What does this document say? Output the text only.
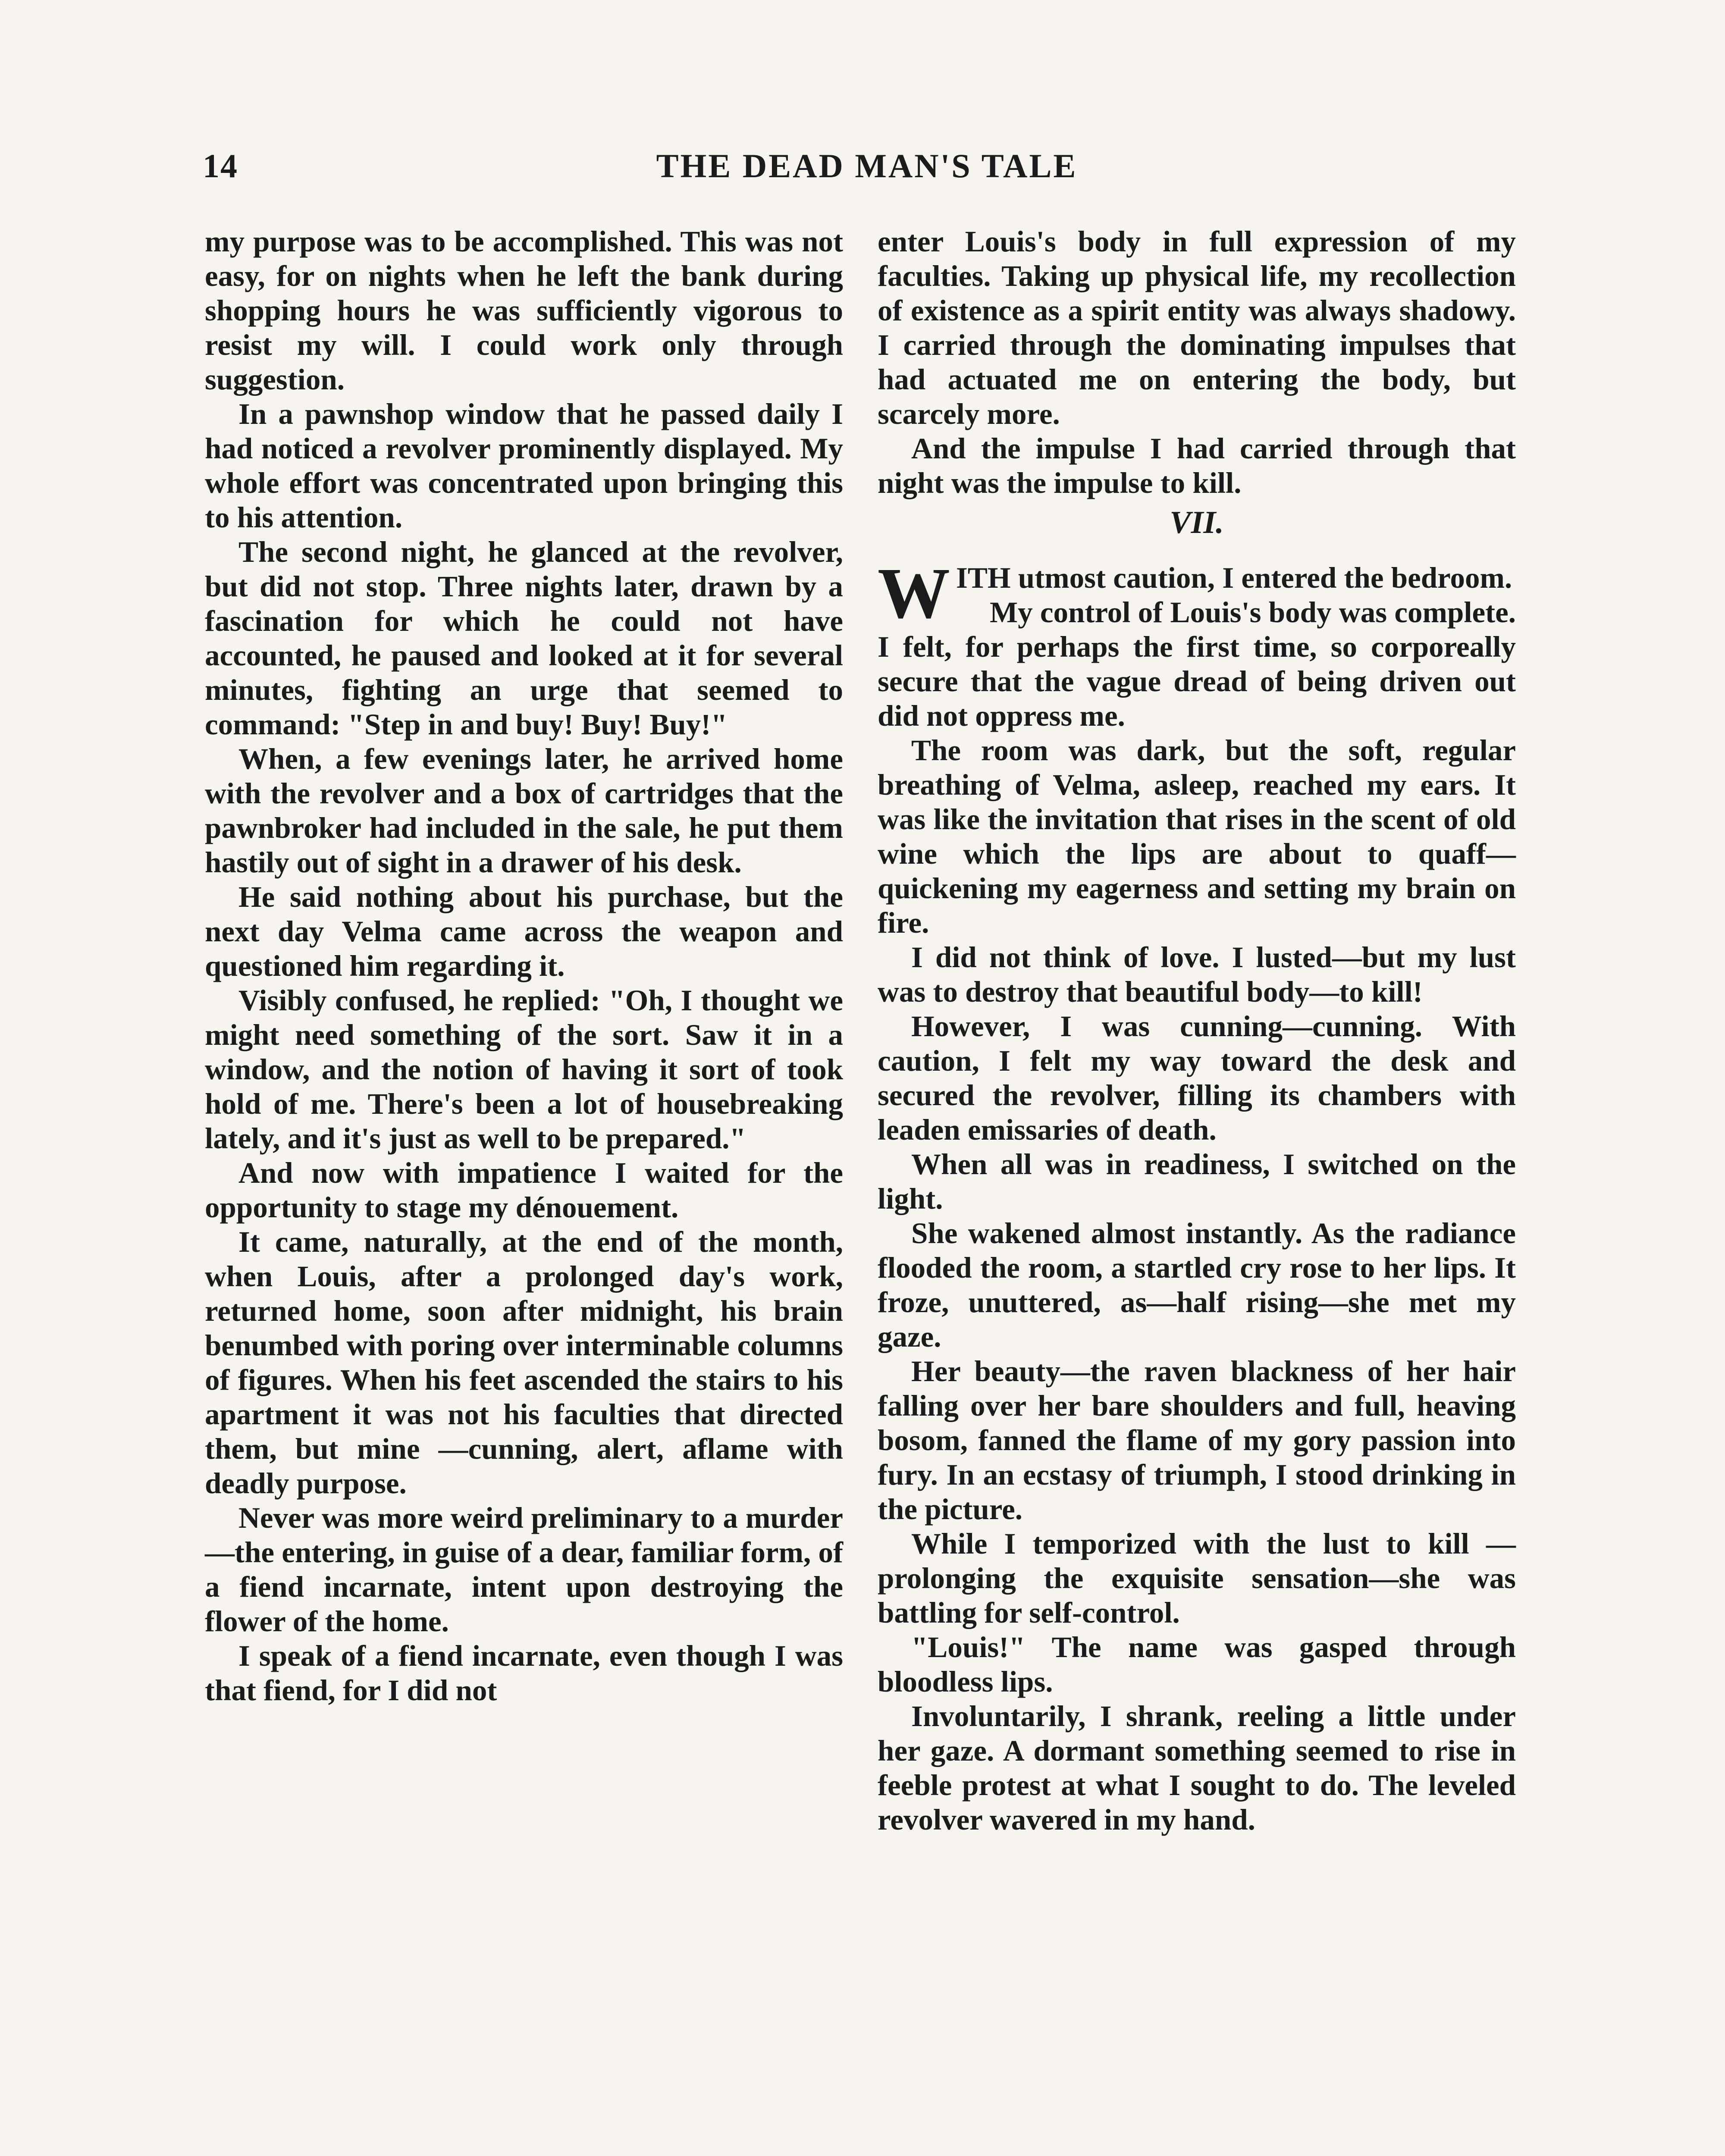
14	THE DEAD MAN'S TALE

my purpose was to be accomplished. This was not easy, for on nights when he left the bank during shopping hours he was sufficiently vigorous to resist my will. I could work only through suggestion.

In a pawnshop window that he passed daily I had noticed a revolver prominently displayed. My whole effort was concentrated upon bringing this to his attention.

The second night, he glanced at the revolver, but did not stop. Three nights later, drawn by a fascination for which he could not have accounted, he paused and looked at it for several minutes, fighting an urge that seemed to command: "Step in and buy! Buy! Buy!"

When, a few evenings later, he arrived home with the revolver and a box of cartridges that the pawnbroker had included in the sale, he put them hastily out of sight in a drawer of his desk.

He said nothing about his purchase, but the next day Velma came across the weapon and questioned him regarding it.

Visibly confused, he replied: "Oh, I thought we might need something of the sort. Saw it in a window, and the notion of having it sort of took hold of me. There's been a lot of housebreaking lately, and it's just as well to be prepared."

And now with impatience I waited for the opportunity to stage my dénouement.

It came, naturally, at the end of the month, when Louis, after a prolonged day's work, returned home, soon after midnight, his brain benumbed with poring over interminable columns of figures. When his feet ascended the stairs to his apartment it was not his faculties that directed them, but mine —cunning, alert, aflame with deadly purpose.

Never was more weird preliminary to a murder—the entering, in guise of a dear, familiar form, of a fiend incarnate, intent upon destroying the flower of the home.

I speak of a fiend incarnate, even though I was that fiend, for I did not

enter Louis's body in full expression of my faculties. Taking up physical life, my recollection of existence as a spirit entity was always shadowy. I carried through the dominating impulses that had actuated me on entering the body, but scarcely more.

And the impulse I had carried through that night was the impulse to kill.

VII.

WITH utmost caution, I entered the bedroom.

My control of Louis's body was complete. I felt, for perhaps the first time, so corporeally secure that the vague dread of being driven out did not oppress me.

The room was dark, but the soft, regular breathing of Velma, asleep, reached my ears. It was like the invitation that rises in the scent of old wine which the lips are about to quaff—quickening my eagerness and setting my brain on fire.

I did not think of love. I lusted—but my lust was to destroy that beautiful body—to kill!

However, I was cunning—cunning. With caution, I felt my way toward the desk and secured the revolver, filling its chambers with leaden emissaries of death.

When all was in readiness, I switched on the light.

She wakened almost instantly. As the radiance flooded the room, a startled cry rose to her lips. It froze, unuttered, as—half rising—she met my gaze.

Her beauty—the raven blackness of her hair falling over her bare shoulders and full, heaving bosom, fanned the flame of my gory passion into fury. In an ecstasy of triumph, I stood drinking in the picture.

While I temporized with the lust to kill — prolonging the exquisite sensation—she was battling for self-control.

"Louis!" The name was gasped through bloodless lips.

Involuntarily, I shrank, reeling a little under her gaze. A dormant something seemed to rise in feeble protest at what I sought to do. The leveled revolver wavered in my hand.
